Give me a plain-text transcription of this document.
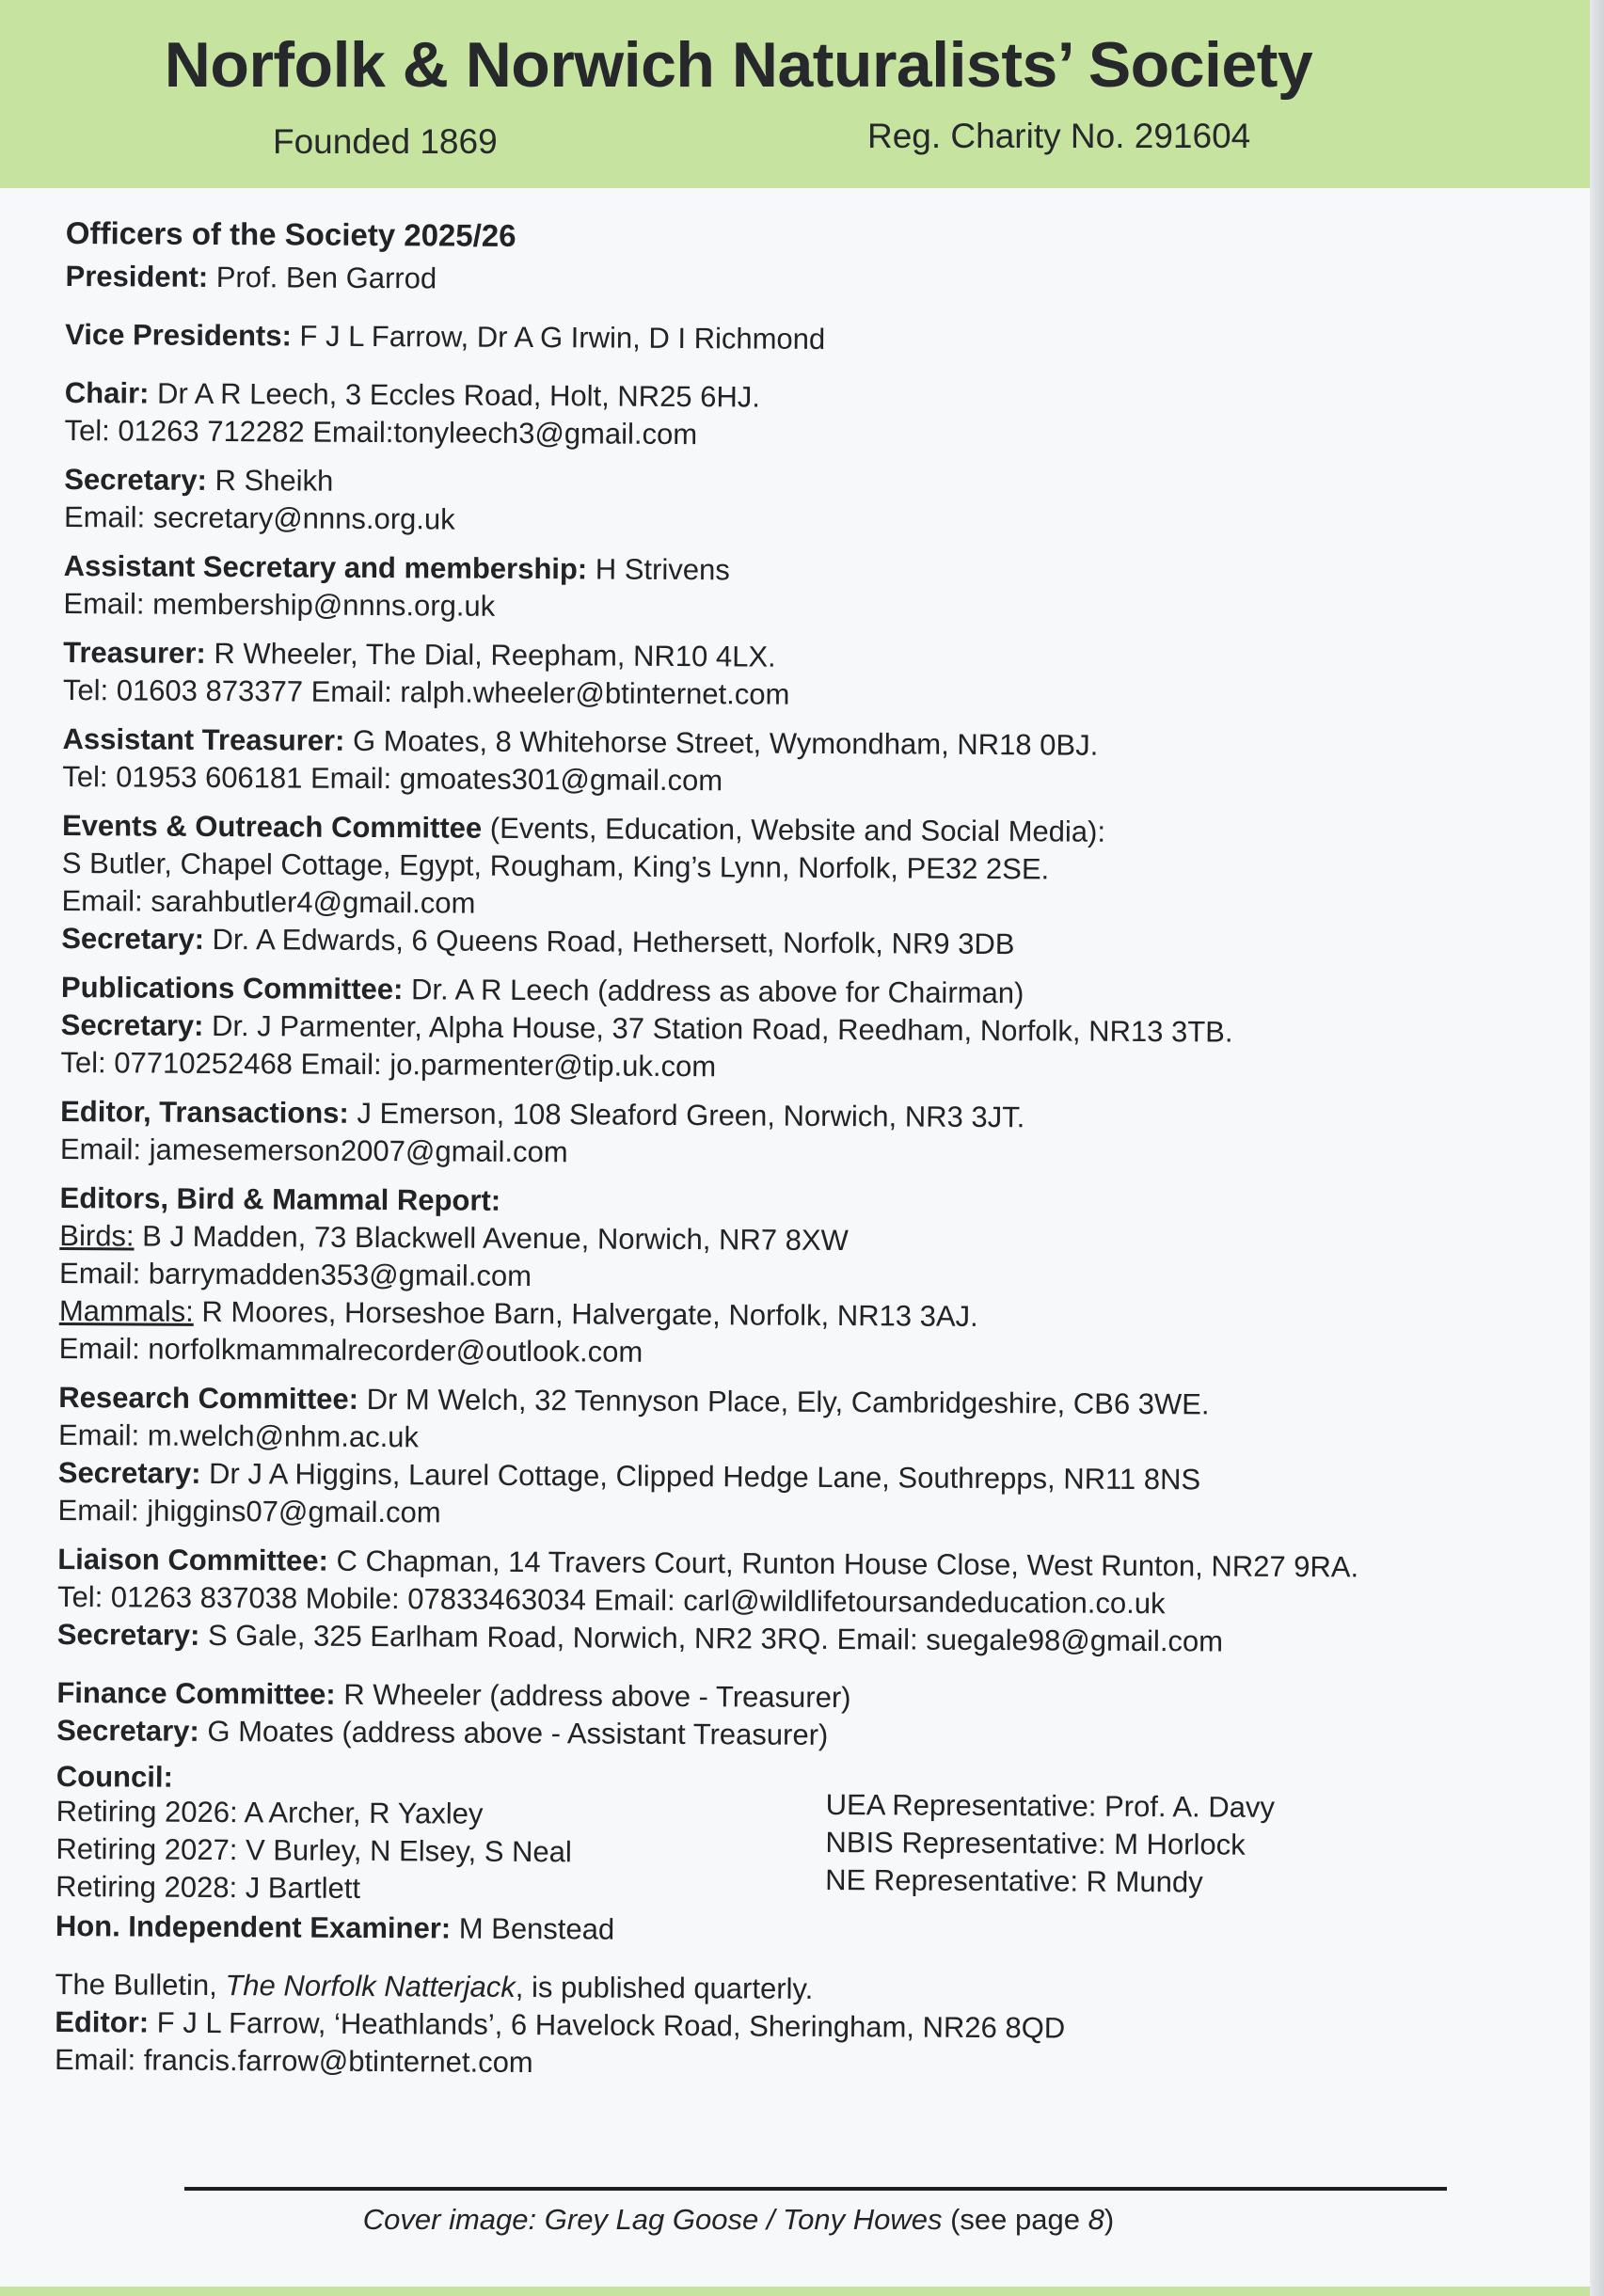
Norfolk & Norwich Naturalists’ Society
Founded 1869	Reg. Charity No. 291604

Officers of the Society 2025/26

President: Prof. Ben Garrod

Vice Presidents: F J L Farrow, Dr A G Irwin, D I Richmond

Chair: Dr A R Leech, 3 Eccles Road, Holt, NR25 6HJ.

Tel: 01263 712282 Email:tonyleech3@gmail.com

Secretary: R Sheikh

Email: secretary@nnns.org.uk

Assistant Secretary and membership: H Strivens

Email: membership@nnns.org.uk

Treasurer: R Wheeler, The Dial, Reepham, NR10 4LX.

Tel: 01603 873377 Email: ralph.wheeler@btinternet.com

Assistant Treasurer: G Moates, 8 Whitehorse Street, Wymondham, NR18 0BJ.

Tel: 01953 606181 Email: gmoates301@gmail.com

Events & Outreach Committee (Events, Education, Website and Social Media):

S Butler, Chapel Cottage, Egypt, Rougham, King’s Lynn, Norfolk, PE32 2SE.

Email: sarahbutler4@gmail.com

Secretary: Dr. A Edwards, 6 Queens Road, Hethersett, Norfolk, NR9 3DB

Publications Committee: Dr. A R Leech (address as above for Chairman)

Secretary: Dr. J Parmenter, Alpha House, 37 Station Road, Reedham, Norfolk, NR13 3TB.

Tel: 07710252468 Email: jo.parmenter@tip.uk.com

Editor, Transactions: J Emerson, 108 Sleaford Green, Norwich, NR3 3JT.

Email: jamesemerson2007@gmail.com

Editors, Bird & Mammal Report:

Birds: B J Madden, 73 Blackwell Avenue, Norwich, NR7 8XW

Email: barrymadden353@gmail.com

Mammals: R Moores, Horseshoe Barn, Halvergate, Norfolk, NR13 3AJ.

Email: norfolkmammalrecorder@outlook.com

Research Committee: Dr M Welch, 32 Tennyson Place, Ely, Cambridgeshire, CB6 3WE.

Email: m.welch@nhm.ac.uk

Secretary: Dr J A Higgins, Laurel Cottage, Clipped Hedge Lane, Southrepps, NR11 8NS

Email: jhiggins07@gmail.com

Liaison Committee: C Chapman, 14 Travers Court, Runton House Close, West Runton, NR27 9RA.

Tel: 01263 837038 Mobile: 07833463034 Email: carl@wildlifetoursandeducation.co.uk

Secretary: S Gale, 325 Earlham Road, Norwich, NR2 3RQ. Email: suegale98@gmail.com

Finance Committee: R Wheeler (address above - Treasurer)

Secretary: G Moates (address above - Assistant Treasurer)

Council:

Retiring 2026: A Archer, R Yaxley

Retiring 2027: V Burley, N Elsey, S Neal

Retiring 2028: J Bartlett

UEA Representative: Prof. A. Davy

NBIS Representative: M Horlock

NE Representative: R Mundy

Hon. Independent Examiner: M Benstead

The Bulletin, The Norfolk Natterjack, is published quarterly.

Editor: F J L Farrow, ‘Heathlands’, 6 Havelock Road, Sheringham, NR26 8QD

Email: francis.farrow@btinternet.com

Cover image: Grey Lag Goose / Tony Howes (see page 8)
